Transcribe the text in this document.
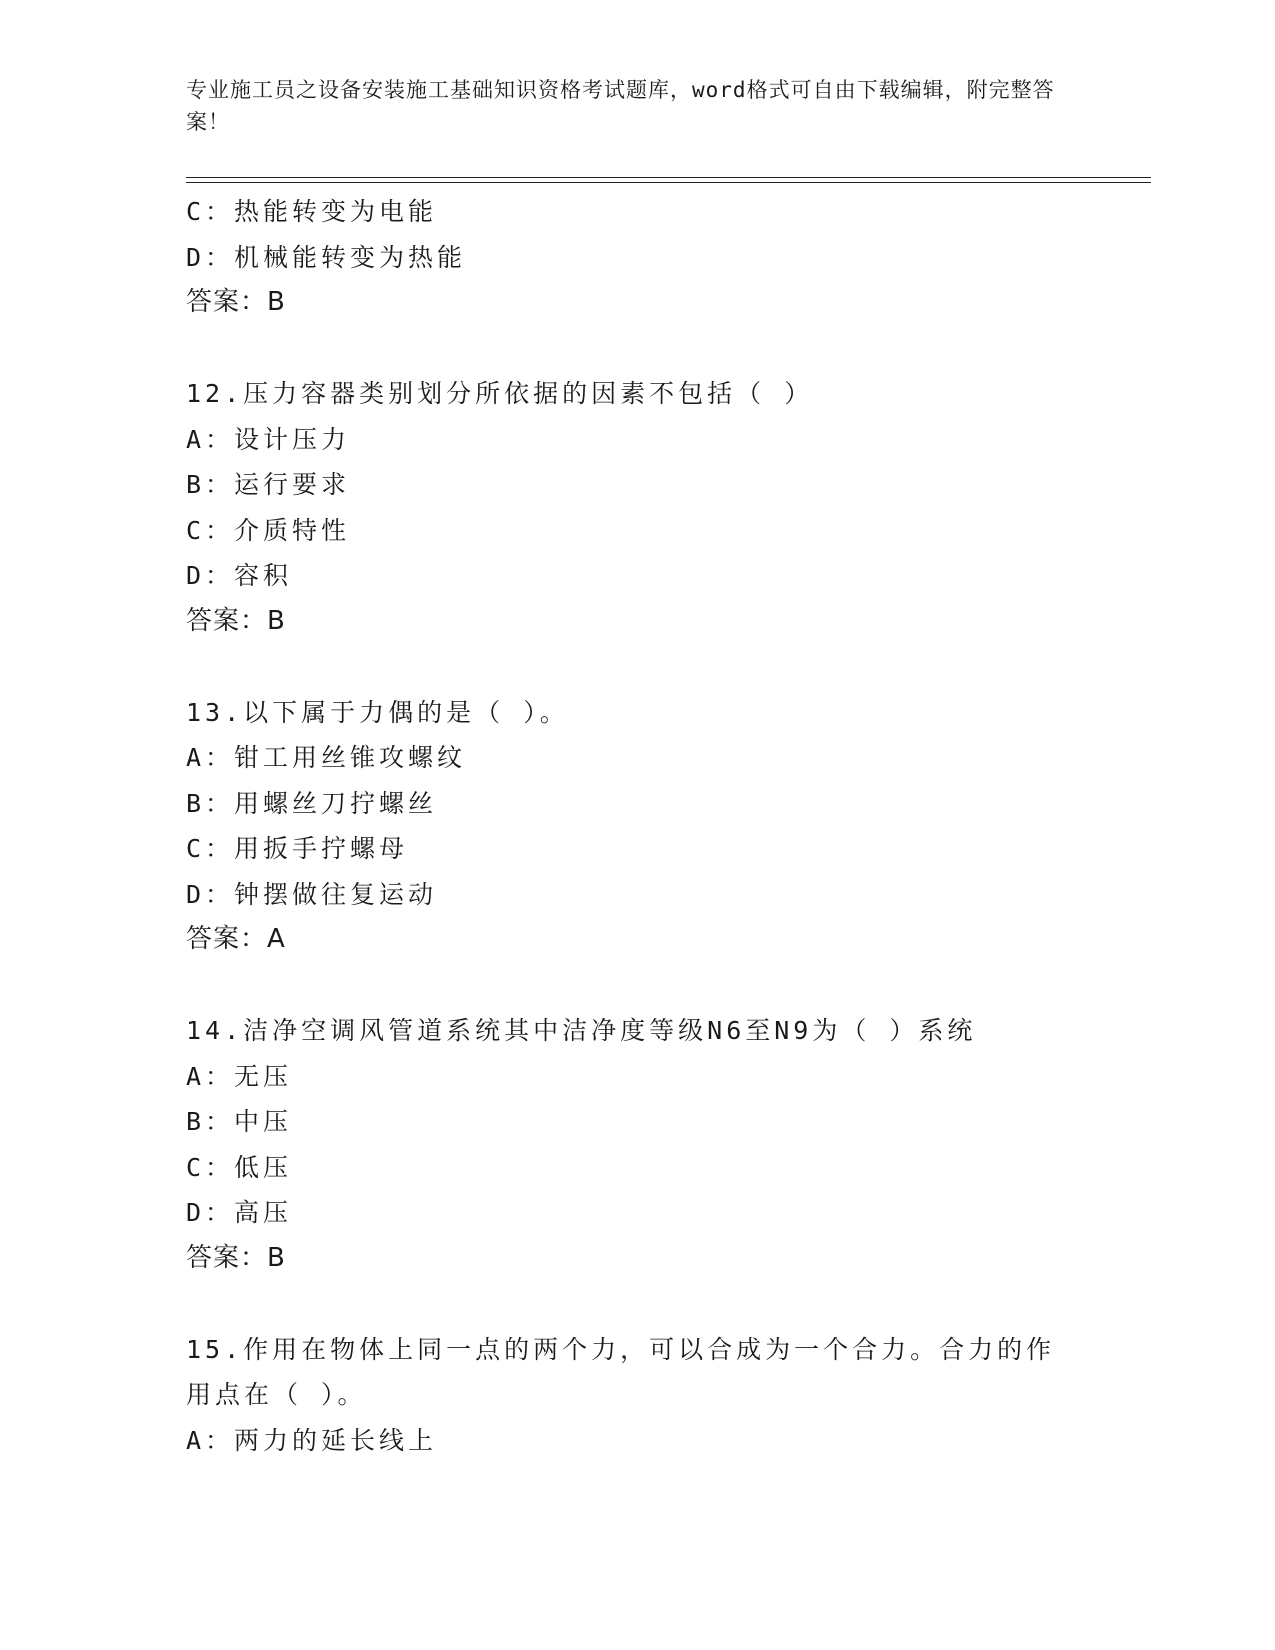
专业施工员之设备安装施工基础知识资格考试题库，word格式可自由下载编辑，附完整答案！
C：热能转变为电能
D：机械能转变为热能
答案：B
12.压力容器类别划分所依据的因素不包括（ ）
A：设计压力
B：运行要求
C：介质特性
D：容积
答案：B
13.以下属于力偶的是（ ）。
A：钳工用丝锥攻螺纹
B：用螺丝刀拧螺丝
C：用扳手拧螺母
D：钟摆做往复运动
答案：A
14.洁净空调风管道系统其中洁净度等级N6至N9为（ ）系统
A：无压
B：中压
C：低压
D：高压
答案：B
15.作用在物体上同一点的两个力，可以合成为一个合力。合力的作用点在（ ）。
A：两力的延长线上
